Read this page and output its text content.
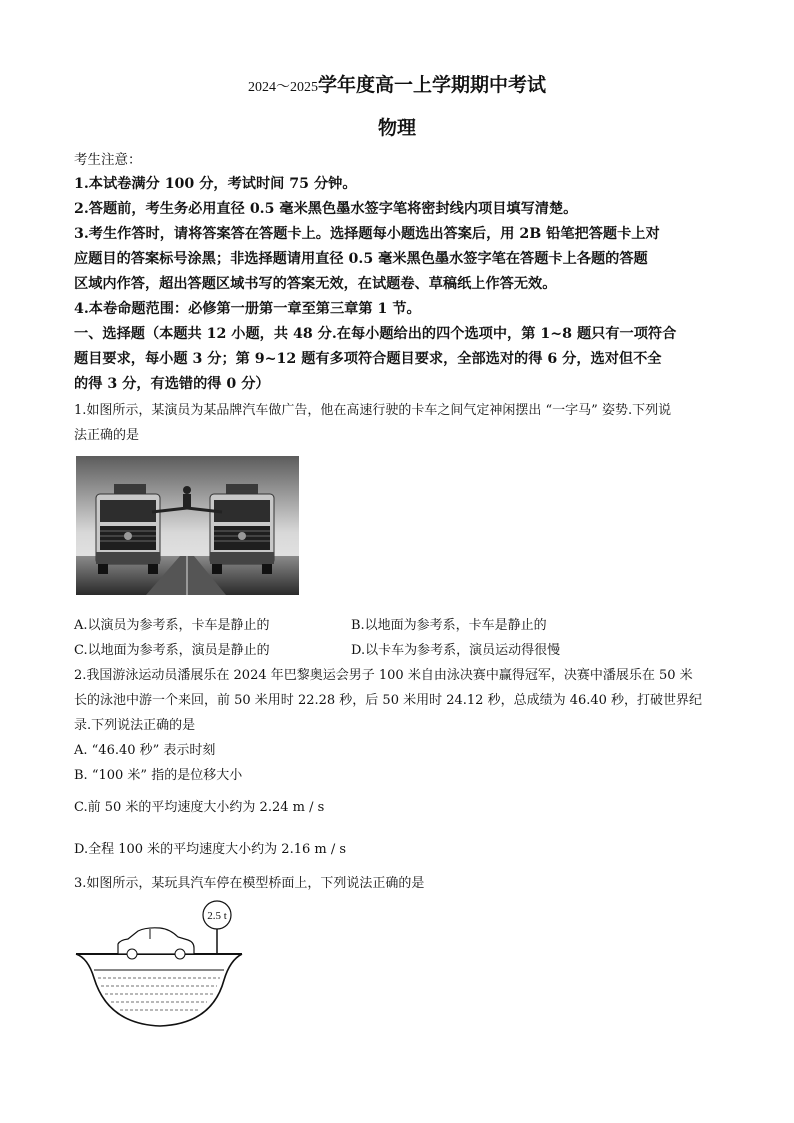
2024～2025学年度高一上学期期中考试
物理
考生注意：
1.本试卷满分 100 分，考试时间 75 分钟。
2.答题前，考生务必用直径 0.5 毫米黑色墨水签字笔将密封线内项目填写清楚。
3.考生作答时，请将答案答在答题卡上。选择题每小题选出答案后，用 2B 铅笔把答题卡上对
应题目的答案标号涂黑；非选择题请用直径 0.5 毫米黑色墨水签字笔在答题卡上各题的答题
区域内作答，超出答题区域书写的答案无效，在试题卷、草稿纸上作答无效。
4.本卷命题范围：必修第一册第一章至第三章第 1 节。
一、选择题（本题共 12 小题，共 48 分.在每小题给出的四个选项中，第 1~8 题只有一项符合
题目要求，每小题 3 分；第 9~12 题有多项符合题目要求，全部选对的得 6 分，选对但不全
的得 3 分，有选错的得 0 分）
1.如图所示，某演员为某品牌汽车做广告，他在高速行驶的卡车之间气定神闲摆出 “一字马” 姿势.下列说
法正确的是
A.以演员为参考系，卡车是静止的	B.以地面为参考系，卡车是静止的
C.以地面为参考系，演员是静止的	D.以卡车为参考系，演员运动得很慢
2.我国游泳运动员潘展乐在 2024 年巴黎奥运会男子 100 米自由泳决赛中赢得冠军，决赛中潘展乐在 50 米
长的泳池中游一个来回，前 50 米用时 22.28 秒，后 50 米用时 24.12 秒，总成绩为 46.40 秒，打破世界纪
录.下列说法正确的是
A. “46.40 秒” 表示时刻
B. “100 米” 指的是位移大小
C.前 50 米的平均速度大小约为 2.24 m / s
D.全程 100 米的平均速度大小约为 2.16 m / s
3.如图所示，某玩具汽车停在模型桥面上，下列说法正确的是
2.5 t
